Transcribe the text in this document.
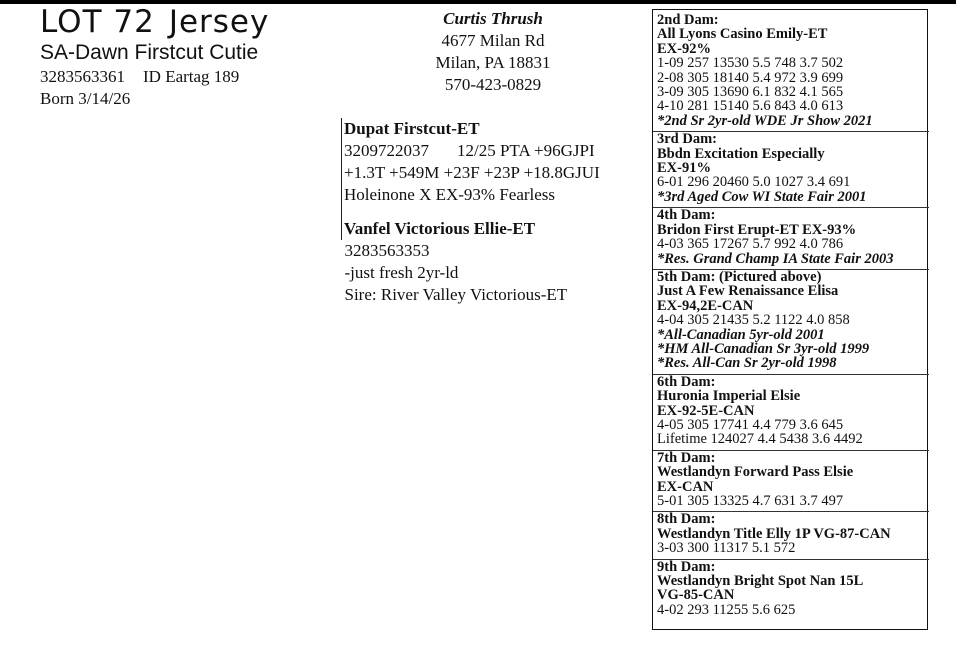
LOT 72 Jersey
SA-Dawn Firstcut Cutie
3283563361 ID Eartag 189
Born 3/14/26
Curtis Thrush
4677 Milan Rd
Milan, PA 18831
570-423-0829
Dupat Firstcut-ET
3209722037 12/25 PTA +96GJPI
+1.3T +549M +23F +23P +18.8GJUI
Holeinone X EX-93% Fearless
Vanfel Victorious Ellie-ET
3283563353
-just fresh 2yr-ld
Sire: River Valley Victorious-ET
2nd Dam:
All Lyons Casino Emily-ET
EX-92%
1-09 257 13530 5.5 748 3.7 502
2-08 305 18140 5.4 972 3.9 699
3-09 305 13690 6.1 832 4.1 565
4-10 281 15140 5.6 843 4.0 613
*2nd Sr 2yr-old WDE Jr Show 2021
3rd Dam:
Bbdn Excitation Especially
EX-91%
6-01 296 20460 5.0 1027 3.4 691
*3rd Aged Cow WI State Fair 2001
4th Dam:
Bridon First Erupt-ET EX-93%
4-03 365 17267 5.7 992 4.0 786
*Res. Grand Champ IA State Fair 2003
5th Dam: (Pictured above)
Just A Few Renaissance Elisa
EX-94,2E-CAN
4-04 305 21435 5.2 1122 4.0 858
*All-Canadian 5yr-old 2001
*HM All-Canadian Sr 3yr-old 1999
*Res. All-Can Sr 2yr-old 1998
6th Dam:
Huronia Imperial Elsie
EX-92-5E-CAN
4-05 305 17741 4.4 779 3.6 645
Lifetime 124027 4.4 5438 3.6 4492
7th Dam:
Westlandyn Forward Pass Elsie
EX-CAN
5-01 305 13325 4.7 631 3.7 497
8th Dam:
Westlandyn Title Elly 1P VG-87-CAN
3-03 300 11317 5.1 572
9th Dam:
Westlandyn Bright Spot Nan 15L
VG-85-CAN
4-02 293 11255 5.6 625
